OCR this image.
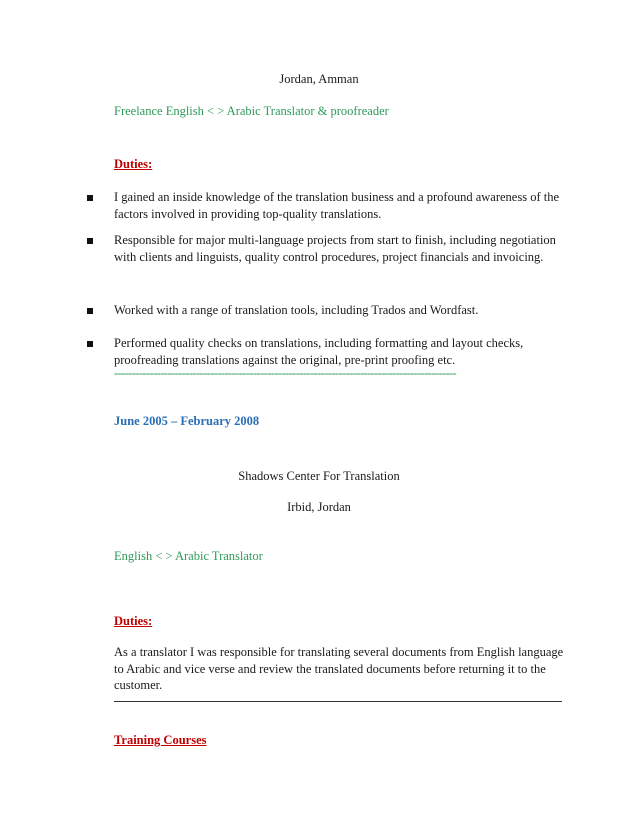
Jordan, Amman
Freelance English < > Arabic Translator & proofreader
Duties:
I gained an inside knowledge of the translation business and a profound awareness of the factors involved in providing top-quality translations.
Responsible for major multi-language projects from start to finish, including negotiation with clients and linguists, quality control procedures, project financials and invoicing.
Worked with a range of translation tools, including Trados and Wordfast.
Performed quality checks on translations, including formatting and layout checks, proofreading translations against the original, pre-print proofing etc.
------------------------------------------------------------------------------------------------
June 2005 – February 2008
Shadows Center For Translation
Irbid, Jordan
English < > Arabic Translator
Duties:
As a translator I was responsible for translating several documents from English language to Arabic and vice verse and review the translated documents before returning it to the customer.
Training Courses
